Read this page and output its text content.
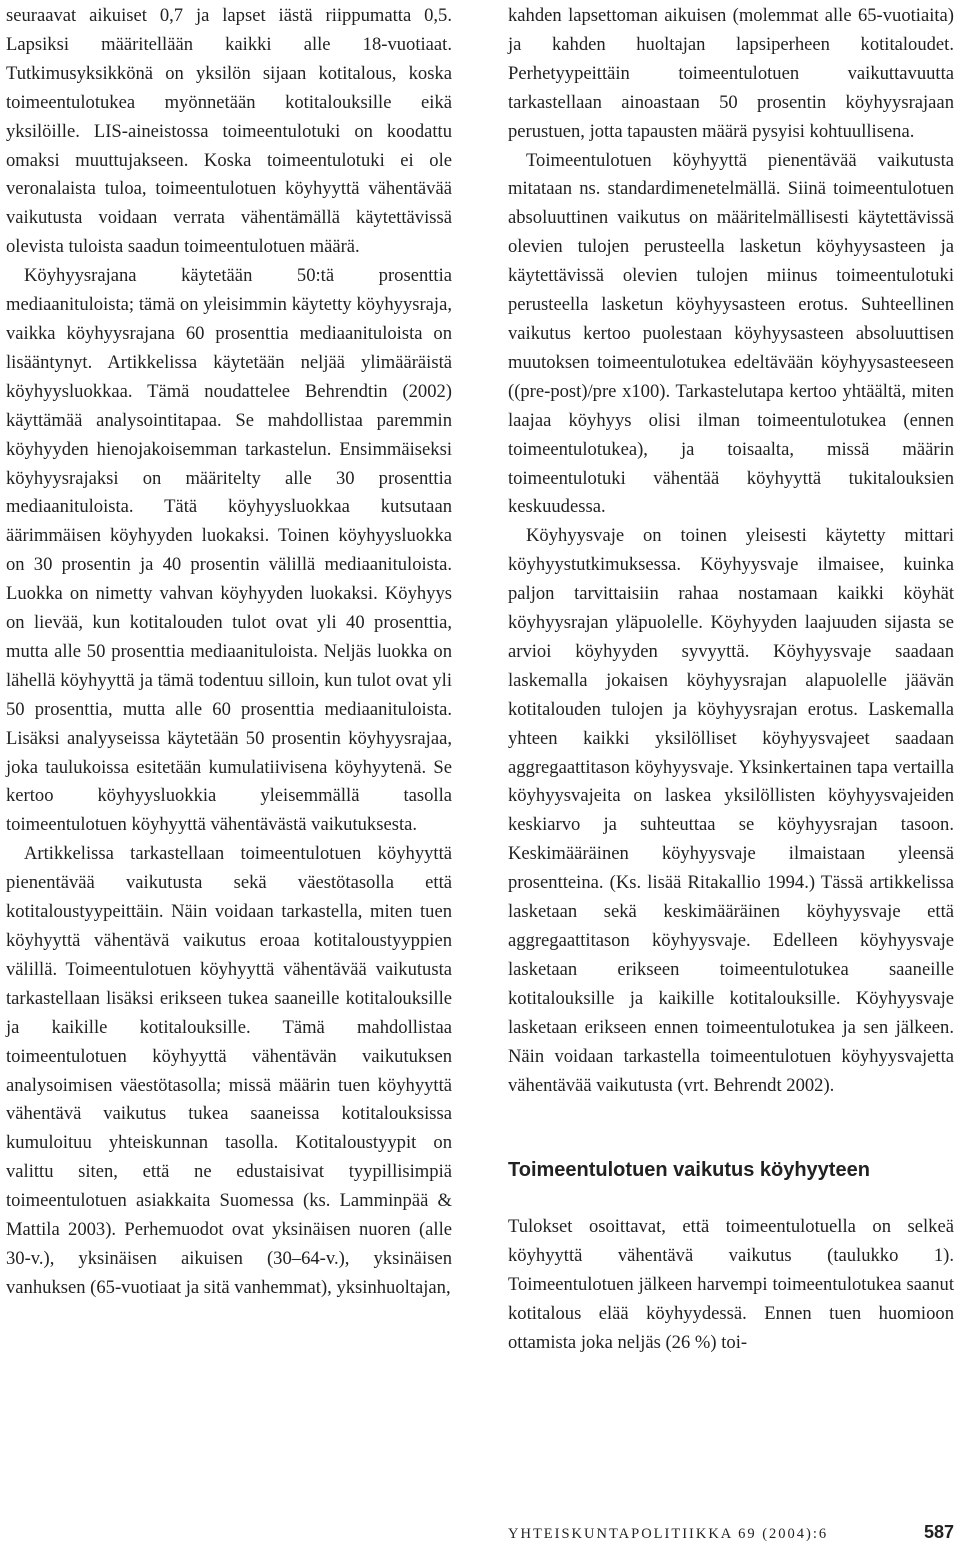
seuraavat aikuiset 0,7 ja lapset iästä riippumatta 0,5. Lapsiksi määritellään kaikki alle 18-vuotiaat. Tutkimusyksikkönä on yksilön sijaan kotitalous, koska toimeentulotukea myönnetään kotitalouksille eikä yksilöille. LIS-aineistossa toimeentulotuki on koodattu omaksi muuttujakseen. Koska toimeentulotuki ei ole veronalaista tuloa, toimeentulotuen köyhyyttä vähentävää vaikutusta voidaan verrata vähentämällä käytettävissä olevista tuloista saadun toimeentulotuen määrä.

Köyhyysrajana käytetään 50:tä prosenttia mediaanituloista; tämä on yleisimmin käytetty köyhyysraja, vaikka köyhyysrajana 60 prosenttia mediaanituloista on lisääntynyt. Artikkelissa käytetään neljää ylimääräistä köyhyysluokkaa. Tämä noudattelee Behrendtin (2002) käyttämää analysointitapaa. Se mahdollistaa paremmin köyhyyden hienojakoisemman tarkastelun. Ensimmäiseksi köyhyysrajaksi on määritelty alle 30 prosenttia mediaanituloista. Tätä köyhyysluokkaa kutsutaan äärimmäisen köyhyyden luokaksi. Toinen köyhyysluokka on 30 prosentin ja 40 prosentin välillä mediaanituloista. Luokka on nimetty vahvan köyhyyden luokaksi. Köyhyys on lievää, kun kotitalouden tulot ovat yli 40 prosenttia, mutta alle 50 prosenttia mediaanituloista. Neljäs luokka on lähellä köyhyyttä ja tämä todentuu silloin, kun tulot ovat yli 50 prosenttia, mutta alle 60 prosenttia mediaanituloista. Lisäksi analyyseissa käytetään 50 prosentin köyhyysrajaa, joka taulukoissa esitetään kumulatiivisena köyhyytenä. Se kertoo köyhyysluokkia yleisemmällä tasolla toimeentulotuen köyhyyttä vähentävästä vaikutuksesta.

Artikkelissa tarkastellaan toimeentulotuen köyhyyttä pienentävää vaikutusta sekä väestötasolla että kotitaloustyypeittäin. Näin voidaan tarkastella, miten tuen köyhyyttä vähentävä vaikutus eroaa kotitaloustyyppien välillä. Toimeentulotuen köyhyyttä vähentävää vaikutusta tarkastellaan lisäksi erikseen tukea saaneille kotitalouksille ja kaikille kotitalouksille. Tämä mahdollistaa toimeentulotuen köyhyyttä vähentävän vaikutuksen analysoimisen väestötasolla; missä määrin tuen köyhyyttä vähentävä vaikutus tukea saaneissa kotitalouksissa kumuloituu yhteiskunnan tasolla. Kotitaloustyypit on valittu siten, että ne edustaisivat tyypillisimpiä toimeentulotuen asiakkaita Suomessa (ks. Lamminpää & Mattila 2003). Perhemuodot ovat yksinäisen nuoren (alle 30-v.), yksinäisen aikuisen (30–64-v.), yksinäisen vanhuksen (65-vuotiaat ja sitä vanhemmat), yksinhuoltajan,

kahden lapsettoman aikuisen (molemmat alle 65-vuotiaita) ja kahden huoltajan lapsiperheen kotitaloudet. Perhetyypeittäin toimeentulotuen vaikuttavuutta tarkastellaan ainoastaan 50 prosentin köyhyysrajaan perustuen, jotta tapausten määrä pysyisi kohtuullisena.

Toimeentulotuen köyhyyttä pienentävää vaikutusta mitataan ns. standardimenetelmällä. Siinä toimeentulotuen absoluuttinen vaikutus on määritelmällisesti käytettävissä olevien tulojen perusteella lasketun köyhyysasteen ja käytettävissä olevien tulojen miinus toimeentulotuki perusteella lasketun köyhyysasteen erotus. Suhteellinen vaikutus kertoo puolestaan köyhyysasteen absoluuttisen muutoksen toimeentulotukea edeltävään köyhyysasteeseen ((pre-post)/pre x100). Tarkastelutapa kertoo yhtäältä, miten laajaa köyhyys olisi ilman toimeentulotukea (ennen toimeentulotukea), ja toisaalta, missä määrin toimeentulotuki vähentää köyhyyttä tukitalouksien keskuudessa.

Köyhyysvaje on toinen yleisesti käytetty mittari köyhyystutkimuksessa. Köyhyysvaje ilmaisee, kuinka paljon tarvittaisiin rahaa nostamaan kaikki köyhät köyhyysrajan yläpuolelle. Köyhyyden laajuuden sijasta se arvioi köyhyyden syvyyttä. Köyhyysvaje saadaan laskemalla jokaisen köyhyysrajan alapuolelle jäävän kotitalouden tulojen ja köyhyysrajan erotus. Laskemalla yhteen kaikki yksilölliset köyhyysvajeet saadaan aggregaattitason köyhyysvaje. Yksinkertainen tapa vertailla köyhyysvajeita on laskea yksilöllisten köyhyysvajeiden keskiarvo ja suhteuttaa se köyhyysrajan tasoon. Keskimääräinen köyhyysvaje ilmaistaan yleensä prosentteina. (Ks. lisää Ritakallio 1994.) Tässä artikkelissa lasketaan sekä keskimääräinen köyhyysvaje että aggregaattitason köyhyysvaje. Edelleen köyhyysvaje lasketaan erikseen toimeentulotukea saaneille kotitalouksille ja kaikille kotitalouksille. Köyhyysvaje lasketaan erikseen ennen toimeentulotukea ja sen jälkeen. Näin voidaan tarkastella toimeentulotuen köyhyysvajetta vähentävää vaikutusta (vrt. Behrendt 2002).

Toimeentulotuen vaikutus köyhyyteen

Tulokset osoittavat, että toimeentulotuella on selkeä köyhyyttä vähentävä vaikutus (taulukko 1). Toimeentulotuen jälkeen harvempi toimeentulotukea saanut kotitalous elää köyhyydessä. Ennen tuen huomioon ottamista joka neljäs (26 %) toi-

YHTEISKUNTAPOLITIIKKA 69 (2004):6	587
